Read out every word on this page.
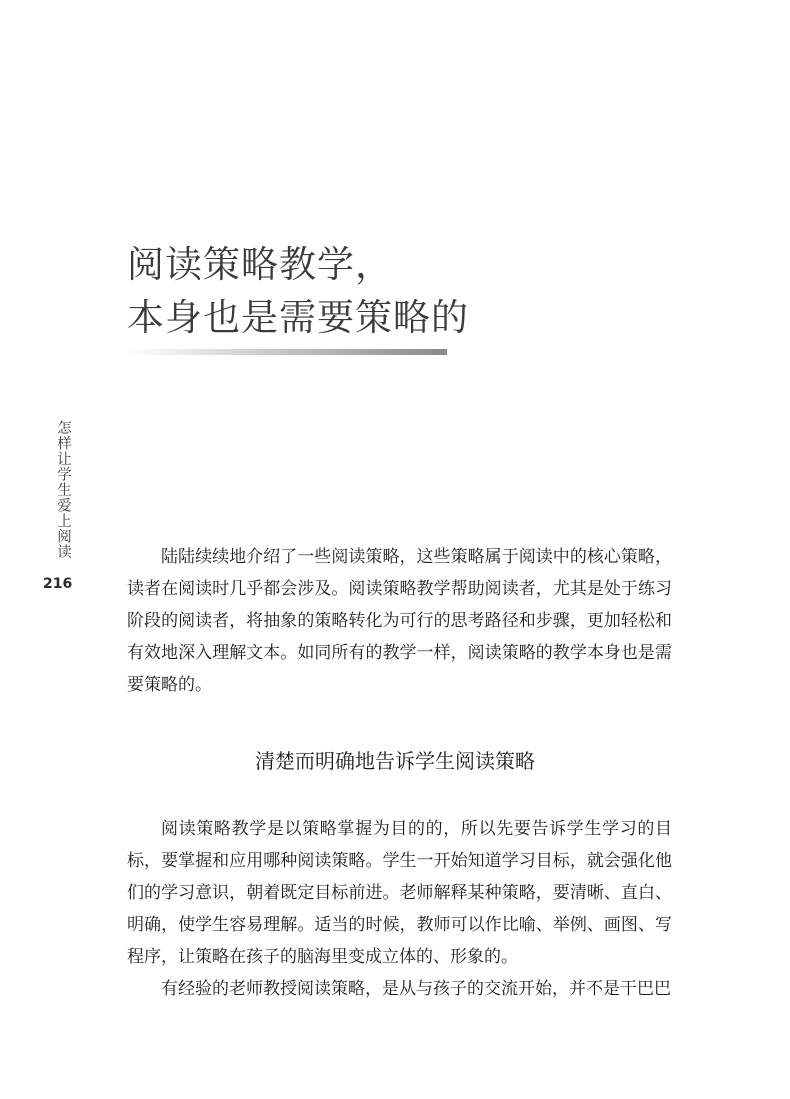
阅读策略教学，
本身也是需要策略的
怎样让学生爱上阅读
216

陆陆续续地介绍了一些阅读策略，这些策略属于阅读中的核心策略，读者在阅读时几乎都会涉及。阅读策略教学帮助阅读者，尤其是处于练习阶段的阅读者，将抽象的策略转化为可行的思考路径和步骤，更加轻松和有效地深入理解文本。如同所有的教学一样，阅读策略的教学本身也是需要策略的。

清楚而明确地告诉学生阅读策略

阅读策略教学是以策略掌握为目的的，所以先要告诉学生学习的目标，要掌握和应用哪种阅读策略。学生一开始知道学习目标，就会强化他们的学习意识，朝着既定目标前进。老师解释某种策略，要清晰、直白、明确，使学生容易理解。适当的时候，教师可以作比喻、举例、画图、写程序，让策略在孩子的脑海里变成立体的、形象的。

有经验的老师教授阅读策略，是从与孩子的交流开始，并不是干巴巴
